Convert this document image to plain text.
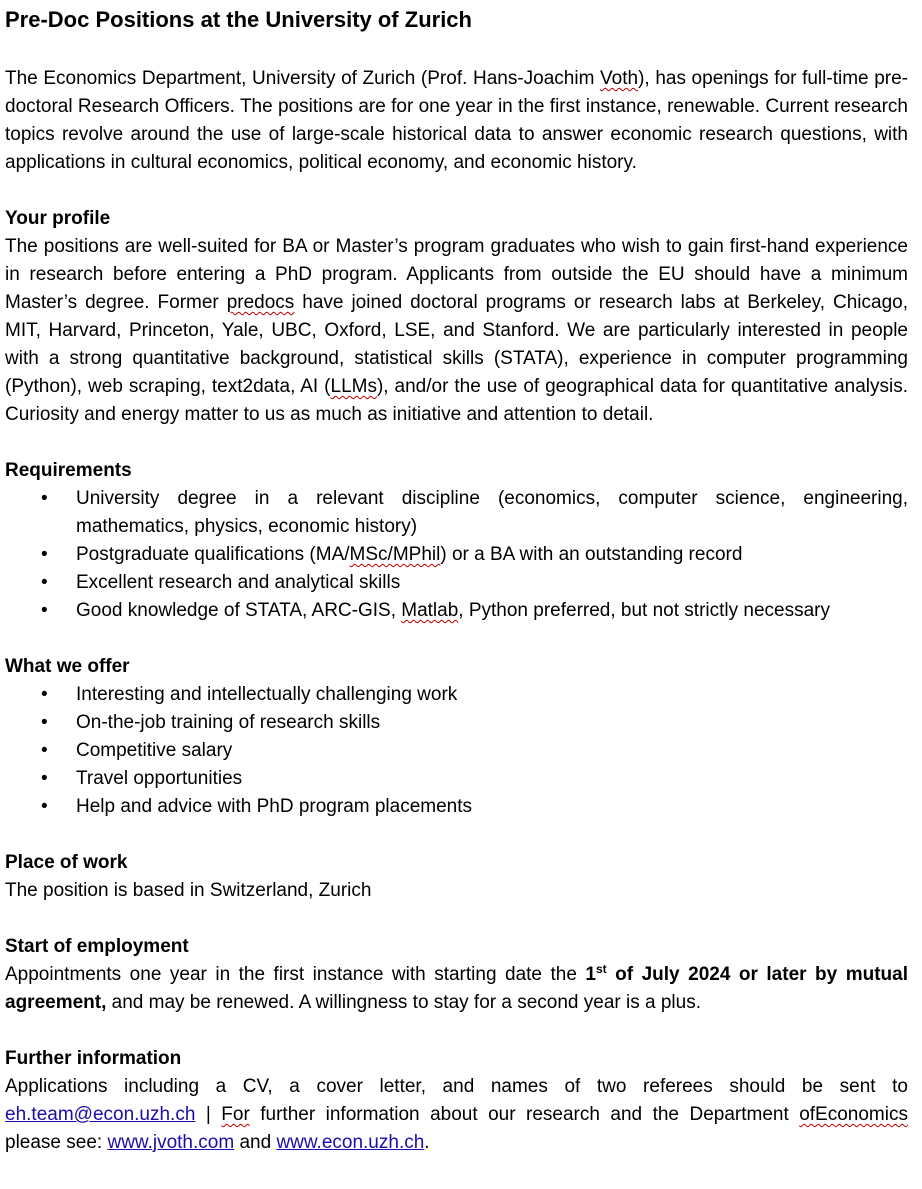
Pre-Doc Positions at the University of Zurich

The Economics Department, University of Zurich (Prof. Hans-Joachim Voth), has openings for full-time pre-doctoral Research Officers. The positions are for one year in the first instance, renewable. Current research topics revolve around the use of large-scale historical data to answer economic research questions, with applications in cultural economics, political economy, and economic history.

Your profile

The positions are well-suited for BA or Master’s program graduates who wish to gain first-hand experience in research before entering a PhD program. Applicants from outside the EU should have a minimum Master’s degree. Former predocs have joined doctoral programs or research labs at Berkeley, Chicago, MIT, Harvard, Princeton, Yale, UBC, Oxford, LSE, and Stanford. We are particularly interested in people with a strong quantitative background, statistical skills (STATA), experience in computer programming (Python), web scraping, text2data, AI (LLMs), and/or the use of geographical data for quantitative analysis. Curiosity and energy matter to us as much as initiative and attention to detail.

Requirements
• University degree in a relevant discipline (economics, computer science, engineering, mathematics, physics, economic history)
• Postgraduate qualifications (MA/MSc/MPhil) or a BA with an outstanding record
• Excellent research and analytical skills
• Good knowledge of STATA, ARC-GIS, Matlab, Python preferred, but not strictly necessary
What we offer
• Interesting and intellectually challenging work
• On-the-job training of research skills
• Competitive salary
• Travel opportunities
• Help and advice with PhD program placements
Place of work

The position is based in Switzerland, Zurich

Start of employment

Appointments one year in the first instance with starting date the 1st of July 2024 or later by mutual agreement, and may be renewed. A willingness to stay for a second year is a plus.

Further information

Applications including a CV, a cover letter, and names of two referees should be sent to eh.team@econ.uzh.ch | For further information about our research and the Department ofEconomics please see: www.jvoth.com and www.econ.uzh.ch.
